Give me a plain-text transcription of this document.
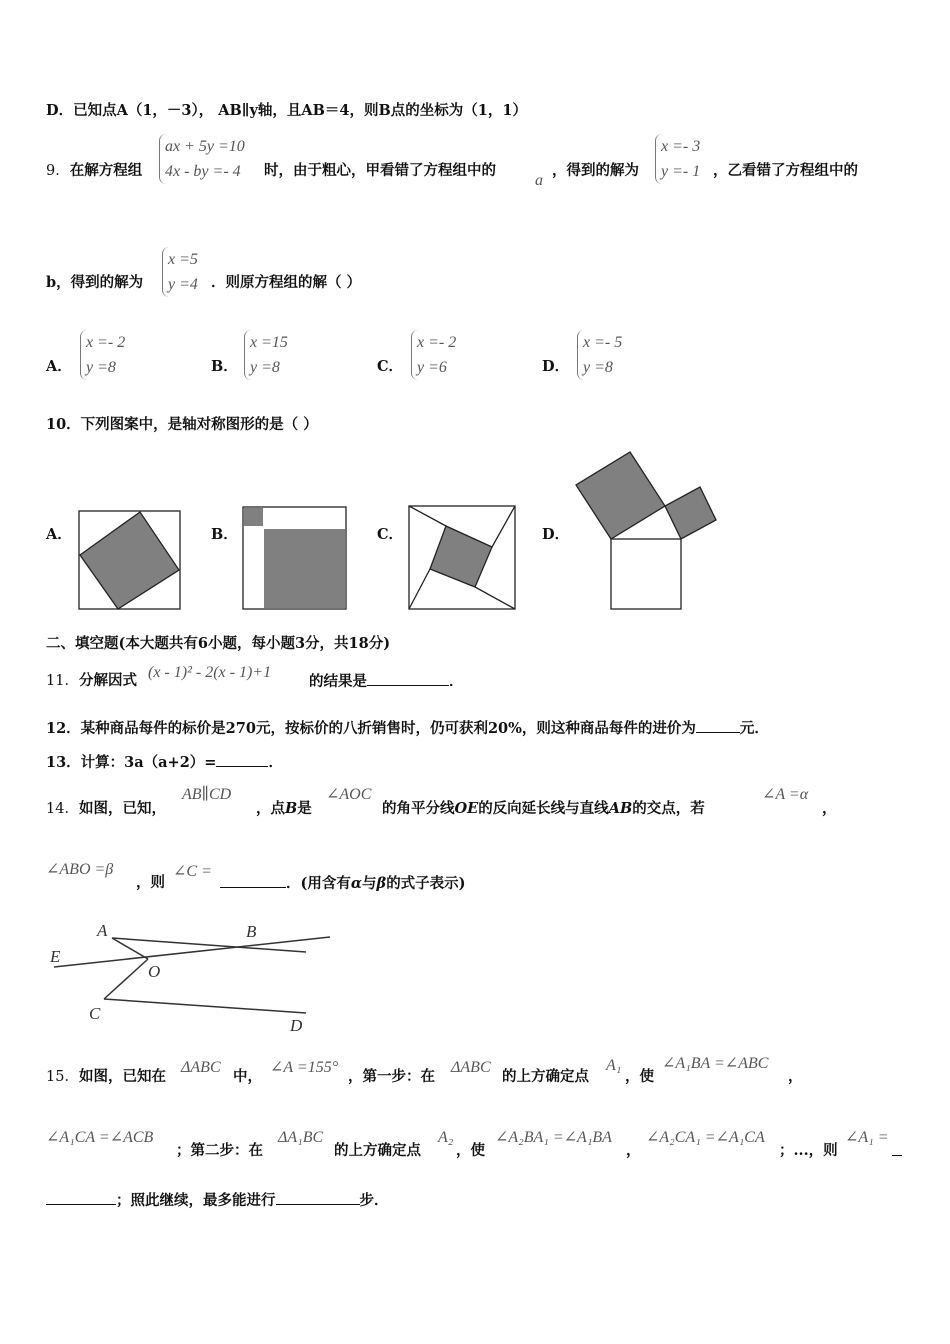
D．已知点A（1，－3）， AB∥y轴，且AB＝4，则B点的坐标为（1，1）
9．在解方程组
ax + 5y =10
4x - by =- 4 时，由于粗心，甲看错了方程组中的
a
，得到的解为
x =- 3
y =- 1 ，乙看错了方程组中的
b，得到的解为
x =5
y =4 ．则原方程组的解（ ）
A．
x =- 2
y =8	B．
x =15
y =8	C．
x =- 2
y =6	D．
x =- 5
y =8
10．下列图案中，是轴对称图形的是（ ）
A．	B．	C．	D．
二、填空题(本大题共有6小题，每小题3分，共18分)
11．分解因式 (x - 1)² - 2(x - 1)+1
的结果是	．
12．某种商品每件的标价是270元，按标价的八折销售时，仍可获利20%，则这种商品每件的进价为	元．
13．计算：3a（a+2）=	．
14．如图，已知，
AB∥CD
，点B是
∠AOC
的角平分线OE的反向延长线与直线AB的交点，若
∠A =α
，
∠ABO =β
，则
∠C =
．(用含有α与β的式子表示)
A	B
E
O
C
D
15．如图，已知在
ΔABC
中，
∠A =155°
，第一步：在
ΔABC
的上方确定点
A₁
，使
∠A₁BA =∠ABC
，
∠A₁CA =∠ACB
；第二步：在
ΔA₁BC
的上方确定点
A₂
，使
∠A₂BA₁ =∠A₁BA
，
∠A₂CA₁ =∠A₁CA
；...，则
∠A₁ =
；照此继续，最多能进行	步．
